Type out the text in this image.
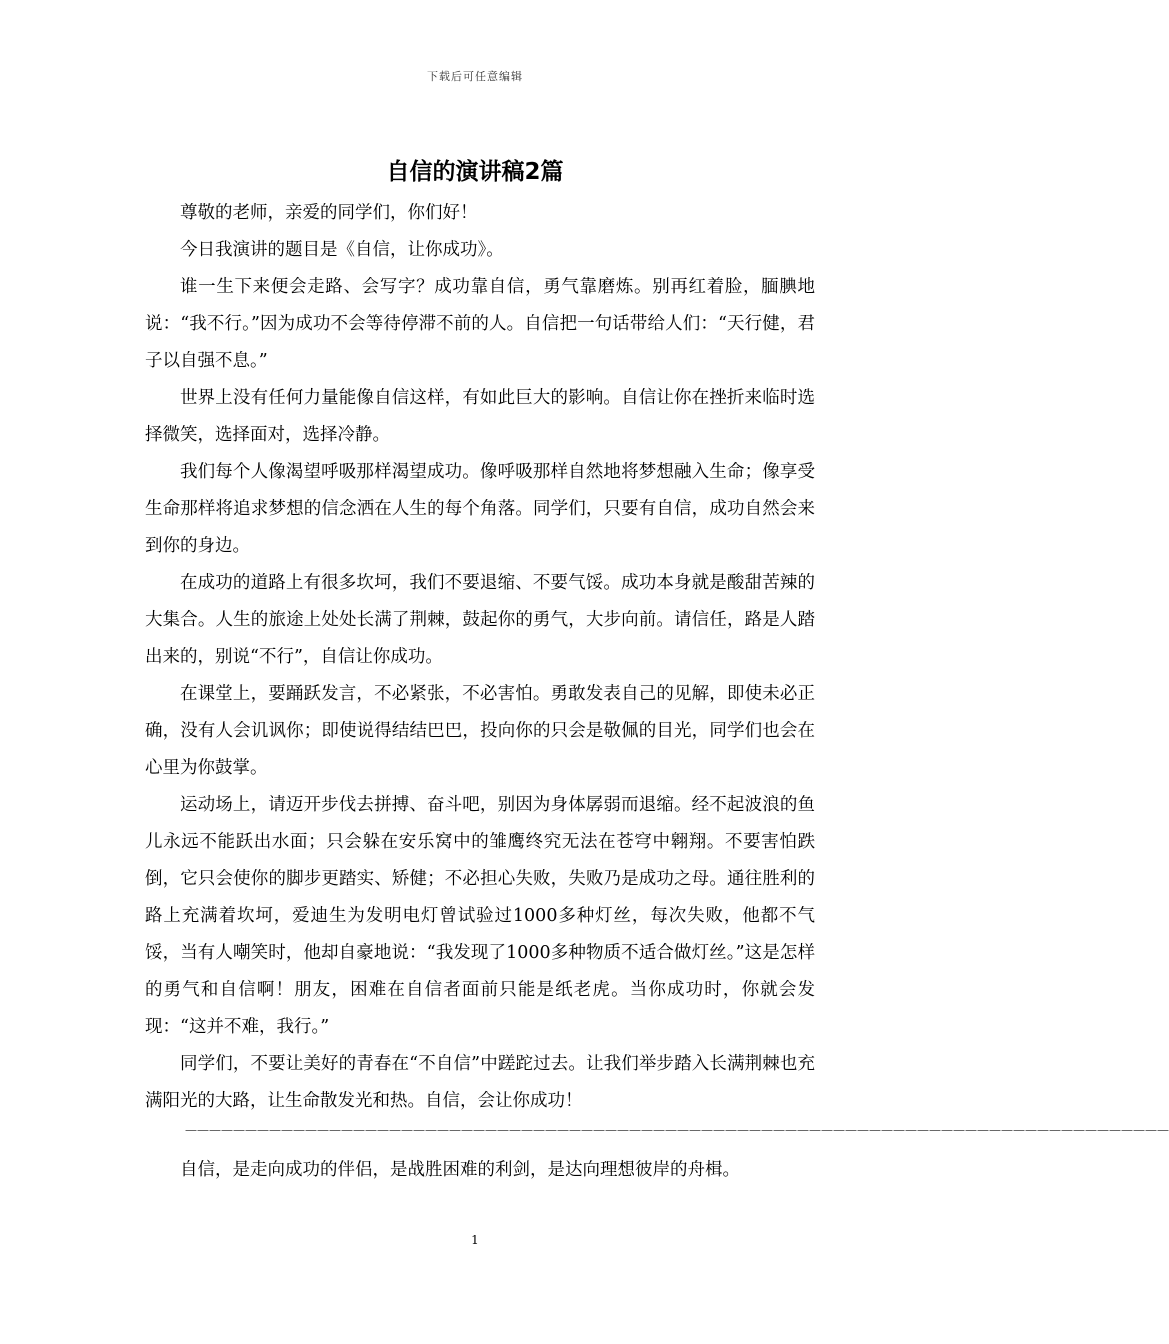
下载后可任意编辑
自信的演讲稿2篇

尊敬的老师，亲爱的同学们，你们好！

今日我演讲的题目是《自信，让你成功》。

谁一生下来便会走路、会写字？成功靠自信，勇气靠磨炼。别再红着脸，腼腆地说：“我不行。”因为成功不会等待停滞不前的人。自信把一句话带给人们：“天行健，君子以自强不息。”

世界上没有任何力量能像自信这样，有如此巨大的影响。自信让你在挫折来临时选择微笑，选择面对，选择冷静。

我们每个人像渴望呼吸那样渴望成功。像呼吸那样自然地将梦想融入生命；像享受生命那样将追求梦想的信念洒在人生的每个角落。同学们，只要有自信，成功自然会来到你的身边。

在成功的道路上有很多坎坷，我们不要退缩、不要气馁。成功本身就是酸甜苦辣的大集合。人生的旅途上处处长满了荆棘，鼓起你的勇气，大步向前。请信任，路是人踏出来的，别说“不行”，自信让你成功。

在课堂上，要踊跃发言，不必紧张，不必害怕。勇敢发表自己的见解，即使未必正确，没有人会讥讽你；即使说得结结巴巴，投向你的只会是敬佩的目光，同学们也会在心里为你鼓掌。

运动场上，请迈开步伐去拼搏、奋斗吧，别因为身体孱弱而退缩。经不起波浪的鱼儿永远不能跃出水面；只会躲在安乐窝中的雏鹰终究无法在苍穹中翱翔。不要害怕跌倒，它只会使你的脚步更踏实、矫健；不必担心失败，失败乃是成功之母。通往胜利的路上充满着坎坷，爱迪生为发明电灯曾试验过1000多种灯丝，每次失败，他都不气馁，当有人嘲笑时，他却自豪地说：“我发现了1000多种物质不适合做灯丝。”这是怎样的勇气和自信啊！朋友，困难在自信者面前只能是纸老虎。当你成功时，你就会发现：“这并不难，我行。”

同学们，不要让美好的青春在“不自信”中蹉跎过去。让我们举步踏入长满荆棘也充满阳光的大路，让生命散发光和热。自信，会让你成功！

——————————————————————————————————————————————————————————————————————————————————

自信，是走向成功的伴侣，是战胜困难的利剑，是达向理想彼岸的舟楫。

1
